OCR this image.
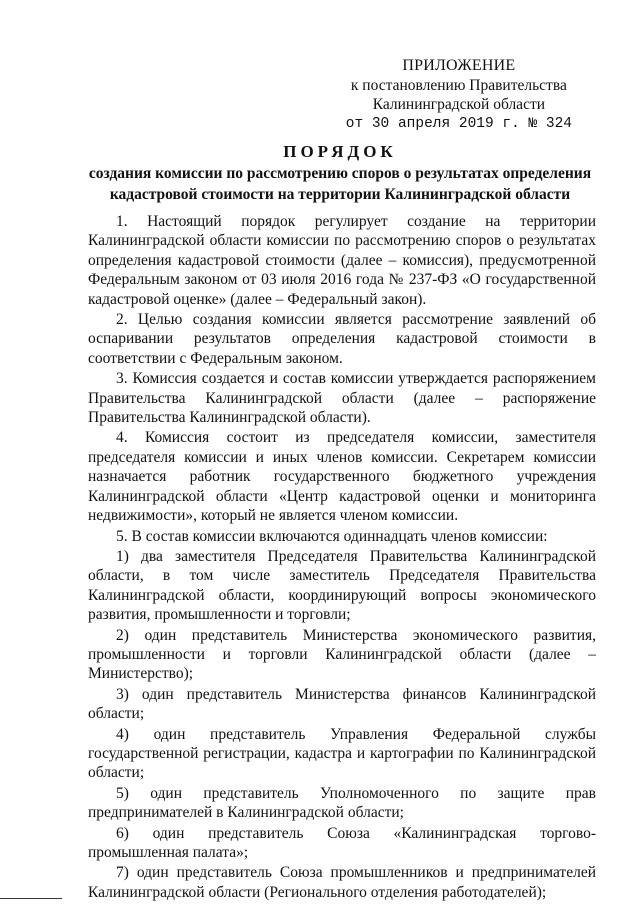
ПРИЛОЖЕНИЕ
к постановлению Правительства
Калининградской области
от 30 апреля 2019 г. № 324
ПОРЯДОК
создания комиссии по рассмотрению споров о результатах определения
кадастровой стоимости на территории Калининградской области

1. Настоящий порядок регулирует создание на территории Калининградской области комиссии по рассмотрению споров о результатах определения кадастровой стоимости (далее – комиссия), предусмотренной Федеральным законом от 03 июля 2016 года № 237-ФЗ «О государственной кадастровой оценке» (далее – Федеральный закон).

2. Целью создания комиссии является рассмотрение заявлений об оспаривании результатов определения кадастровой стоимости в соответствии с Федеральным законом.

3. Комиссия создается и состав комиссии утверждается распоряжением Правительства Калининградской области (далее – распоряжение Правительства Калининградской области).

4. Комиссия состоит из председателя комиссии, заместителя председателя комиссии и иных членов комиссии. Секретарем комиссии назначается работник государственного бюджетного учреждения Калининградской области «Центр кадастровой оценки и мониторинга недвижимости», который не является членом комиссии.

5. В состав комиссии включаются одиннадцать членов комиссии:

1) два заместителя Председателя Правительства Калининградской области, в том числе заместитель Председателя Правительства Калининградской области, координирующий вопросы экономического развития, промышленности и торговли;

2) один представитель Министерства экономического развития, промышленности и торговли Калининградской области (далее – Министерство);

3) один представитель Министерства финансов Калининградской области;

4) один представитель Управления Федеральной службы государственной регистрации, кадастра и картографии по Калининградской области;

5) один представитель Уполномоченного по защите прав предпринимателей в Калининградской области;

6) один представитель Союза «Калининградская торгово-промышленная палата»;

7) один представитель Союза промышленников и предпринимателей Калининградской области (Регионального отделения работодателей);
